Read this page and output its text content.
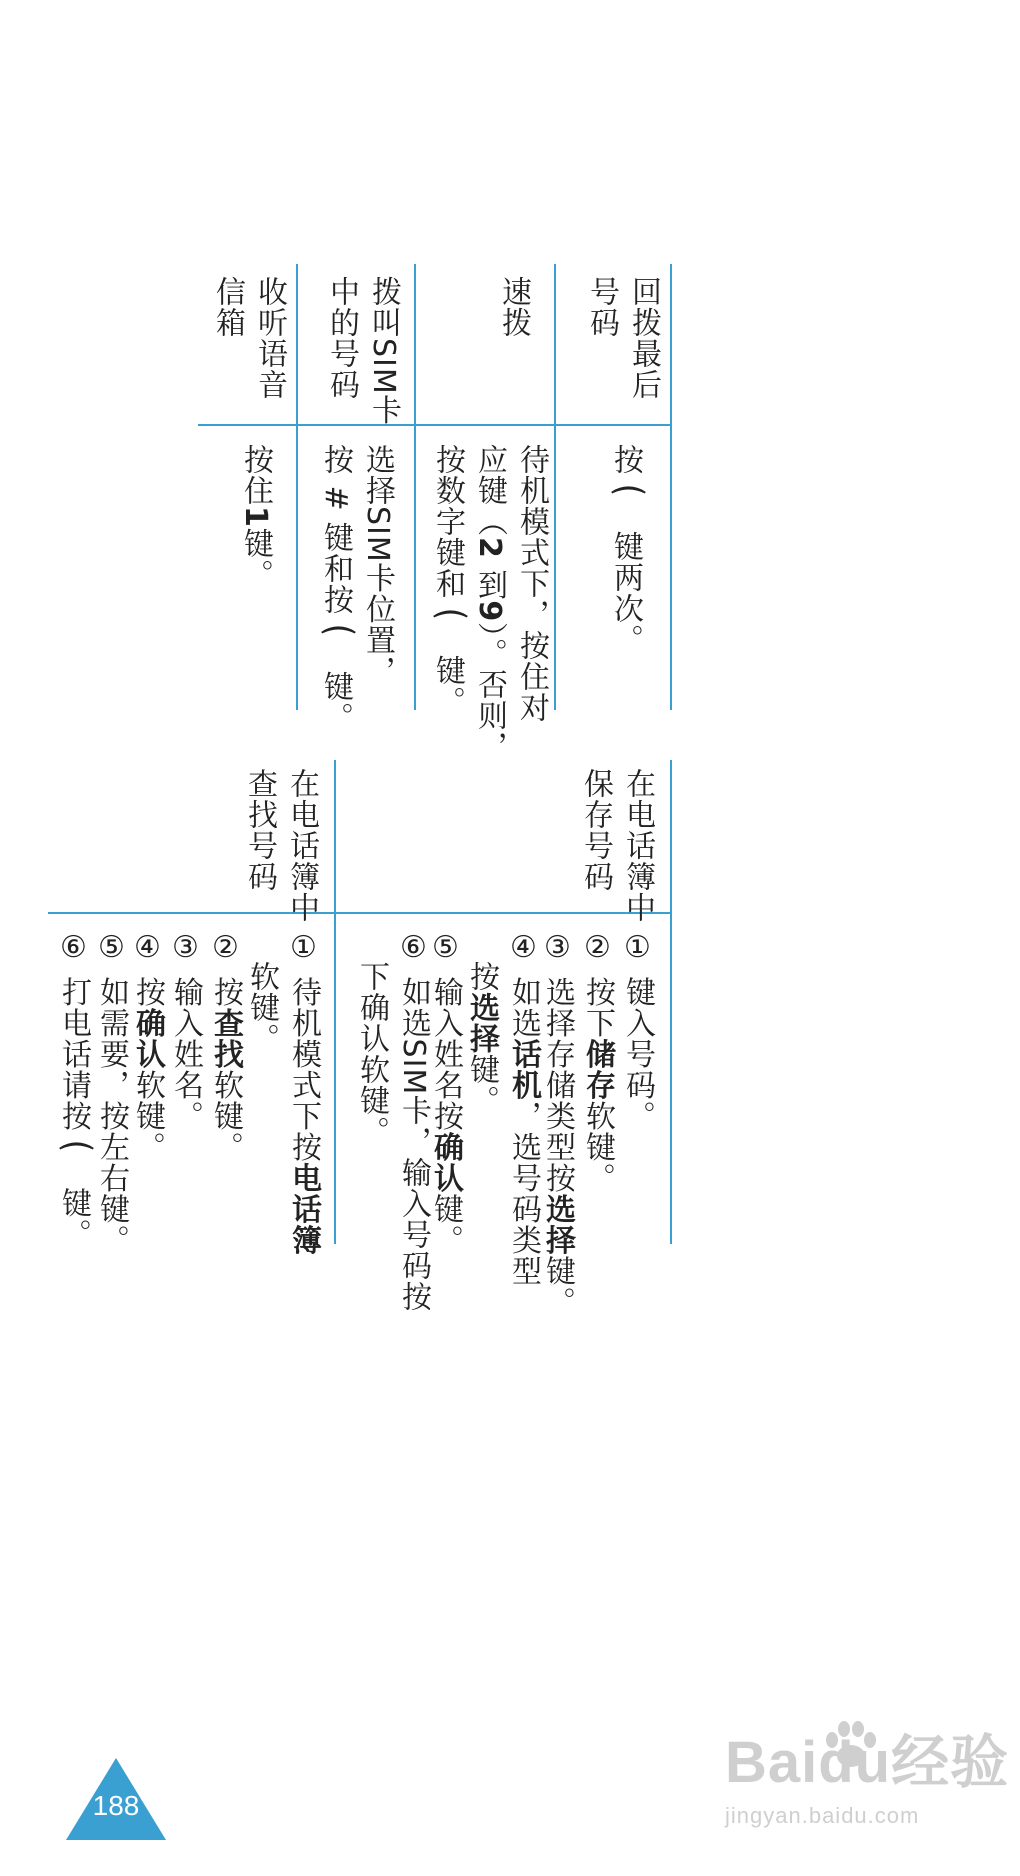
回拨最后
号码
速拨
拨叫SIM卡
中的号码
收听语音
信箱
按 ⌒ 键两次。
待机模式下，按住对
应键（2 到9）。否则，
按数字键和 ⌒ 键。
选择SIM卡位置，
按 # 键和按 ⌒ 键。
按住1键。
在电话簿中
保存号码
在电话簿中
查找号码
① 键入号码。
② 按下储存软键。
③ 选择存储类型按选择键。
④ 如选话机，选号码类型
　按选择键。
⑤ 输入姓名按确认键。
⑥ 如选SIM卡，输入号码按
　下确认软键。
① 待机模式下按电话簿
　软键。
② 按查找软键。
③ 输入姓名。
④ 按确认软键。
⑤ 如需要，按左右键。
⑥ 打电话请按 ⌒ 键。
188
Baidu经验
jingyan.baidu.com
